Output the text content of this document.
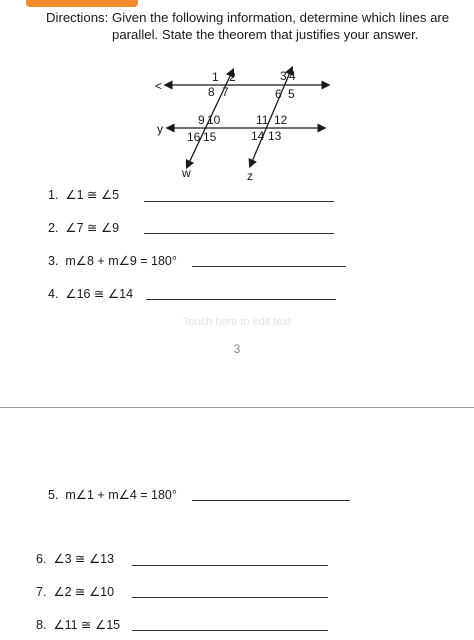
Directions: Given the following information, determine which lines are
parallel. State the theorem that justifies your answer.
<
y
w	z
1 2
8 7
3 4
6 5
9 10
16 15
11 12
14 13
1. ∠1 ≅ ∠5
2. ∠7 ≅ ∠9
3. m∠8 + m∠9 = 180°
4. ∠16 ≅ ∠14
Touch here to edit text
3
5. m∠1 + m∠4 = 180°
6. ∠3 ≅ ∠13
7. ∠2 ≅ ∠10
8. ∠11 ≅ ∠15
